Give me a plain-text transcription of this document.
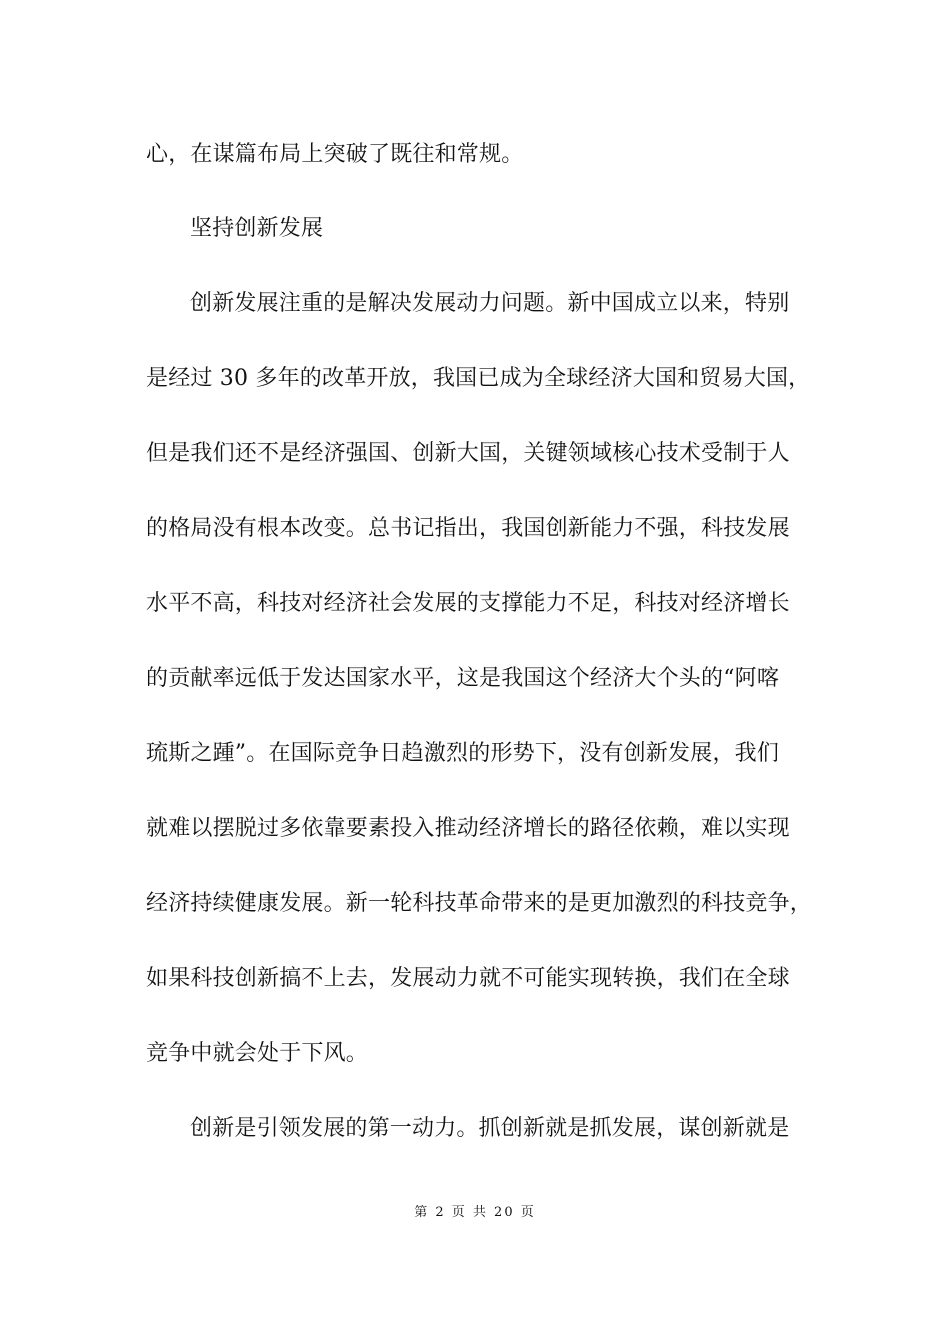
心，在谋篇布局上突破了既往和常规。
坚持创新发展
创新发展注重的是解决发展动力问题。新中国成立以来，特别
是经过 30 多年的改革开放，我国已成为全球经济大国和贸易大国，
但是我们还不是经济强国、创新大国，关键领域核心技术受制于人
的格局没有根本改变。总书记指出，我国创新能力不强，科技发展
水平不高，科技对经济社会发展的支撑能力不足，科技对经济增长
的贡献率远低于发达国家水平，这是我国这个经济大个头的“阿喀
琉斯之踵”。在国际竞争日趋激烈的形势下，没有创新发展，我们
就难以摆脱过多依靠要素投入推动经济增长的路径依赖，难以实现
经济持续健康发展。新一轮科技革命带来的是更加激烈的科技竞争，
如果科技创新搞不上去，发展动力就不可能实现转换，我们在全球
竞争中就会处于下风。
创新是引领发展的第一动力。抓创新就是抓发展，谋创新就是
第 2 页 共 20 页
